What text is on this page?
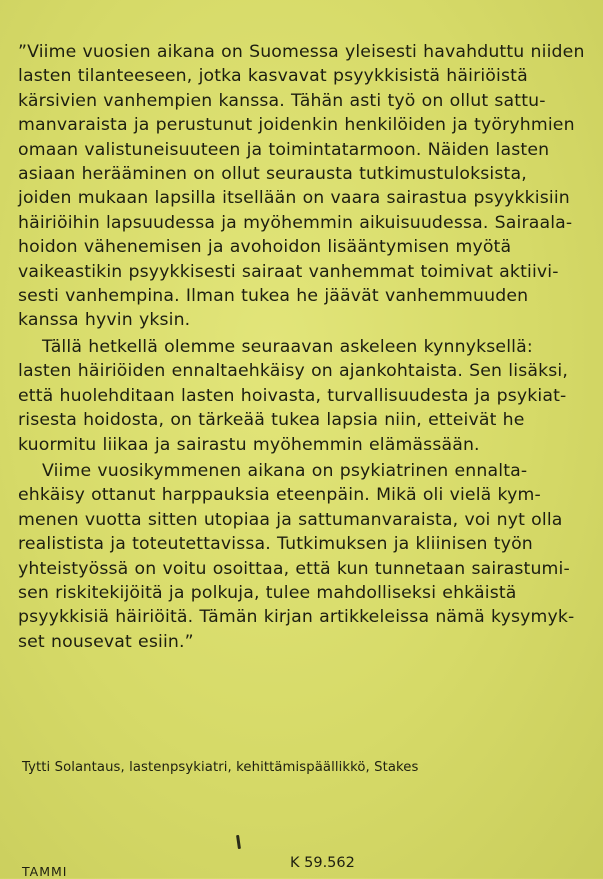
”Viime vuosien aikana on Suomessa yleisesti havahduttu niiden
lasten tilanteeseen, jotka kasvavat psyykkisistä häiriöistä
kärsivien vanhempien kanssa. Tähän asti työ on ollut sattu-
manvaraista ja perustunut joidenkin henkilöiden ja työryhmien
omaan valistuneisuuteen ja toimintatarmoon. Näiden lasten
asiaan herääminen on ollut seurausta tutkimustuloksista,
joiden mukaan lapsilla itsellään on vaara sairastua psyykkisiin
häiriöihin lapsuudessa ja myöhemmin aikuisuudessa. Sairaala-
hoidon vähenemisen ja avohoidon lisääntymisen myötä
vaikeastikin psyykkisesti sairaat vanhemmat toimivat aktiivi-
sesti vanhempina. Ilman tukea he jäävät vanhemmuuden
kanssa hyvin yksin.

Tällä hetkellä olemme seuraavan askeleen kynnyksellä:

lasten häiriöiden ennaltaehkäisy on ajankohtaista. Sen lisäksi,
että huolehditaan lasten hoivasta, turvallisuudesta ja psykiat-
risesta hoidosta, on tärkeää tukea lapsia niin, etteivät he
kuormitu liikaa ja sairastu myöhemmin elämässään.

Viime vuosikymmenen aikana on psykiatrinen ennalta-

ehkäisy ottanut harppauksia eteenpäin. Mikä oli vielä kym-
menen vuotta sitten utopiaa ja sattumanvaraista, voi nyt olla
realistista ja toteutettavissa. Tutkimuksen ja kliinisen työn
yhteistyössä on voitu osoittaa, että kun tunnetaan sairastumi-
sen riskitekijöitä ja polkuja, tulee mahdolliseksi ehkäistä
psyykkisiä häiriöitä. Tämän kirjan artikkeleissa nämä kysymyk-
set nousevat esiin.”

Tytti Solantaus, lastenpsykiatri, kehittämispäällikkö, Stakes
TAMMI
K 59.562
